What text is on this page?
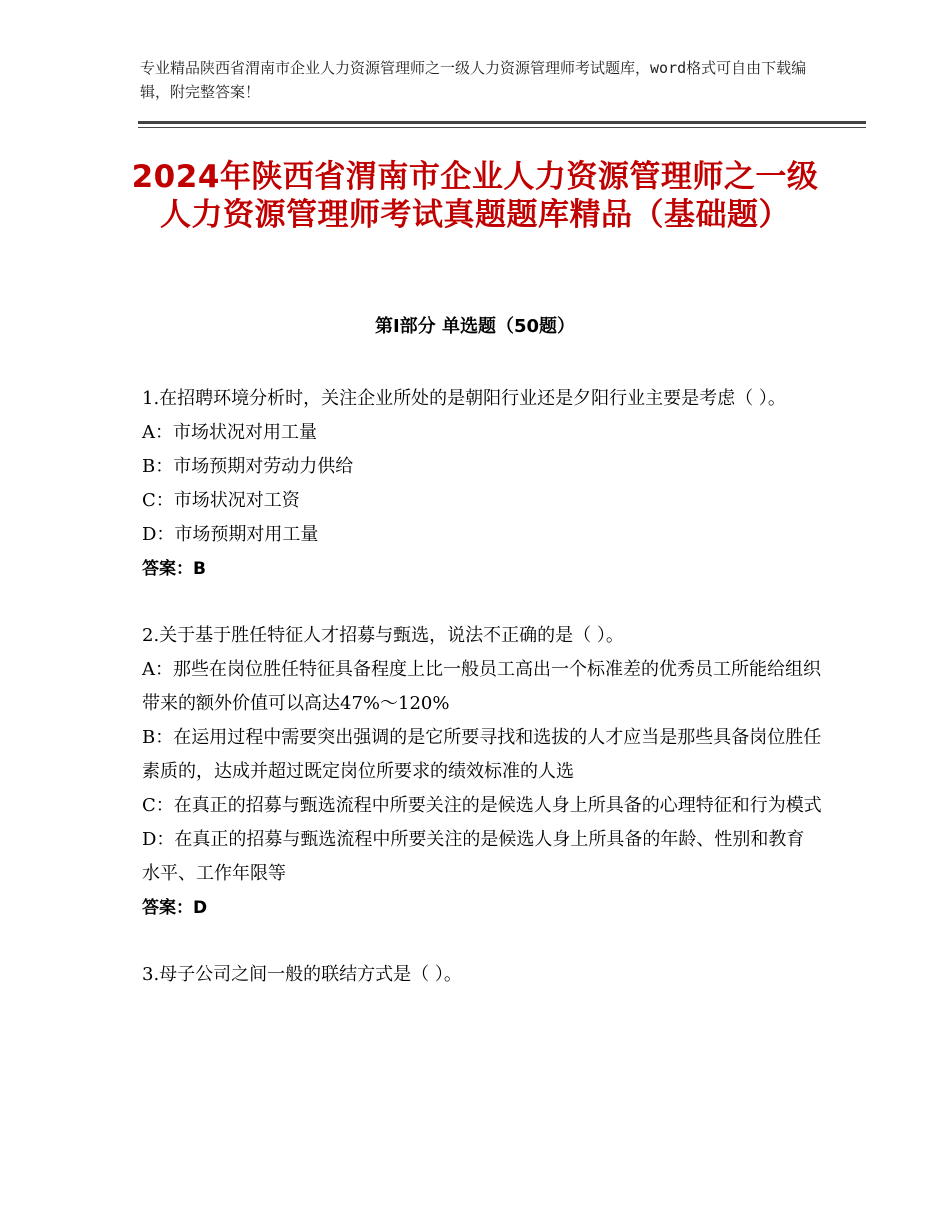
专业精品陕西省渭南市企业人力资源管理师之一级人力资源管理师考试题库，word格式可自由下载编辑，附完整答案！
2024年陕西省渭南市企业人力资源管理师之一级人力资源管理师考试真题题库精品（基础题）
第Ⅰ部分 单选题（50题）

1.在招聘环境分析时，关注企业所处的是朝阳行业还是夕阳行业主要是考虑（ ）。

A：市场状况对用工量

B：市场预期对劳动力供给

C：市场状况对工资

D：市场预期对用工量

答案：B

2.关于基于胜任特征人才招募与甄选，说法不正确的是（ ）。

A：那些在岗位胜任特征具备程度上比一般员工高出一个标准差的优秀员工所能给组织带来的额外价值可以高达47%～120%

B：在运用过程中需要突出强调的是它所要寻找和选拔的人才应当是那些具备岗位胜任素质的，达成并超过既定岗位所要求的绩效标准的人选

C：在真正的招募与甄选流程中所要关注的是候选人身上所具备的心理特征和行为模式

D：在真正的招募与甄选流程中所要关注的是候选人身上所具备的年龄、性别和教育水平、工作年限等

答案：D

3.母子公司之间一般的联结方式是（ ）。
